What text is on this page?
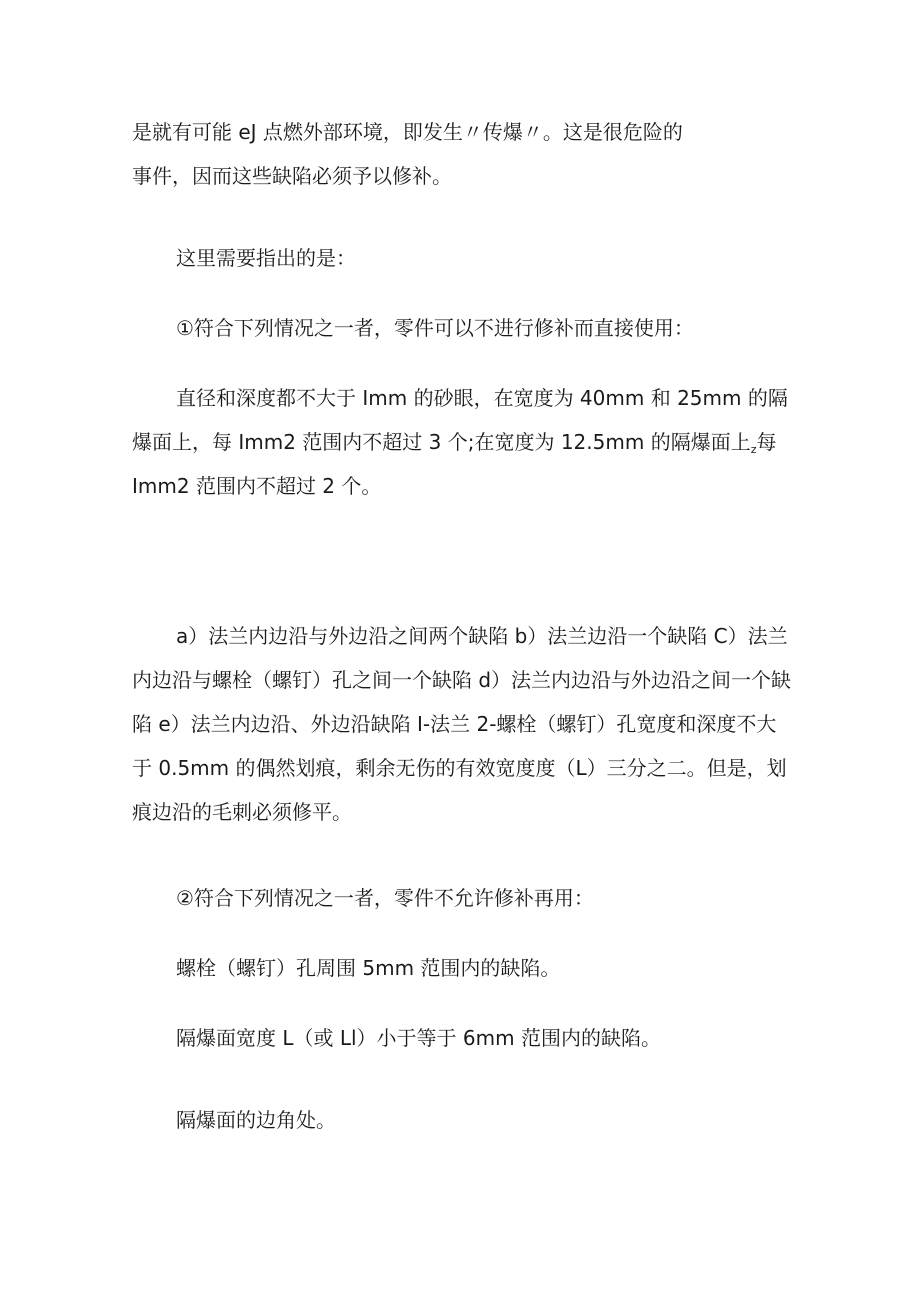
是就有可能 eJ 点燃外部环境，即发生〃传爆〃。这是很危险的
事件，因而这些缺陷必须予以修补。
这里需要指出的是：
①符合下列情况之一者，零件可以不进行修补而直接使用：
直径和深度都不大于 Imm 的砂眼，在宽度为 40mm 和 25mm 的隔
爆面上，每 Imm2 范围内不超过 3 个;在宽度为 12.5mm 的隔爆面上$_z$每
Imm2 范围内不超过 2 个。
a）法兰内边沿与外边沿之间两个缺陷 b）法兰边沿一个缺陷 C）法兰
内边沿与螺栓（螺钉）孔之间一个缺陷 d）法兰内边沿与外边沿之间一个缺
陷 e）法兰内边沿、外边沿缺陷 I-法兰 2-螺栓（螺钉）孔宽度和深度不大
于 0.5mm 的偶然划痕，剩余无伤的有效宽度度（L）三分之二。但是，划
痕边沿的毛刺必须修平。
②符合下列情况之一者，零件不允许修补再用：
螺栓（螺钉）孔周围 5mm 范围内的缺陷。
隔爆面宽度 L（或 Ll）小于等于 6mm 范围内的缺陷。
隔爆面的边角处。
